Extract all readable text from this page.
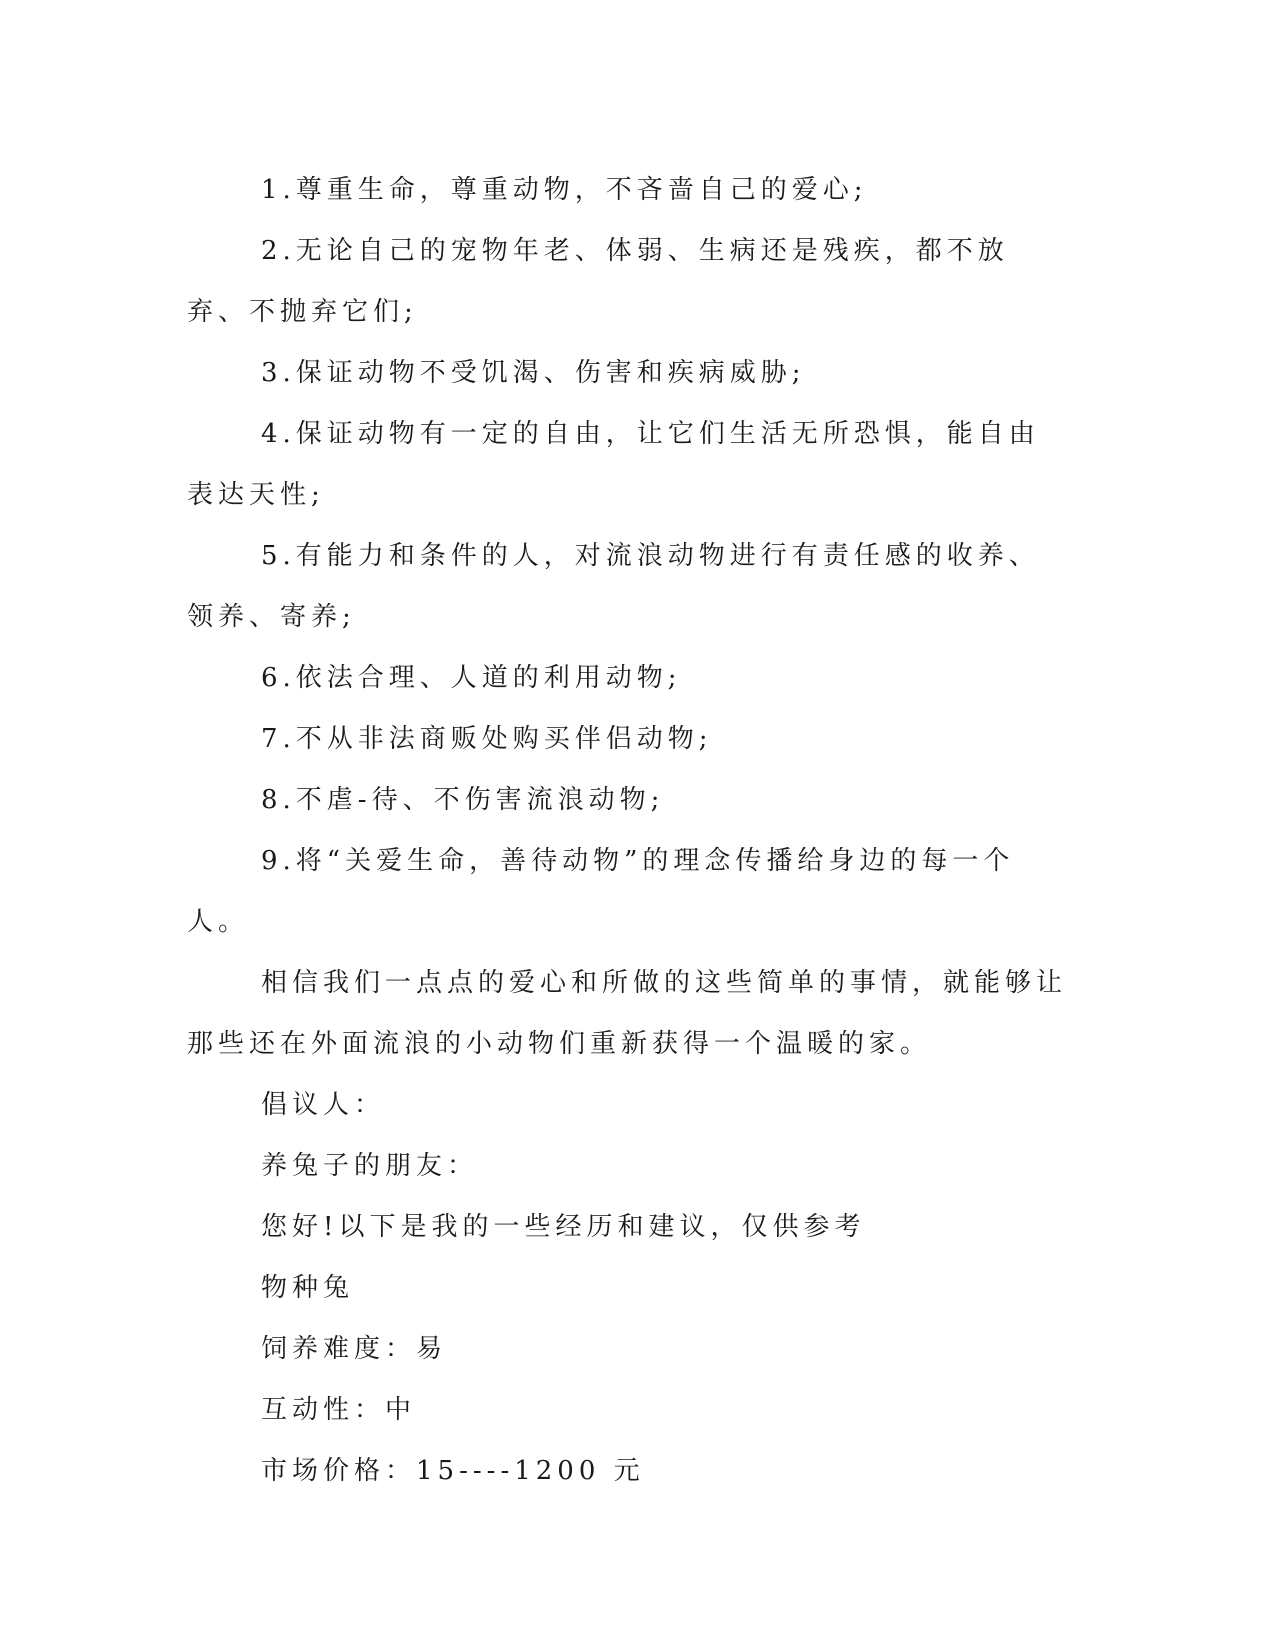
1.尊重生命，尊重动物，不吝啬自己的爱心;

2.无论自己的宠物年老、体弱、生病还是残疾，都不放弃、不抛弃它们;

3.保证动物不受饥渴、伤害和疾病威胁;

4.保证动物有一定的自由，让它们生活无所恐惧，能自由表达天性;

5.有能力和条件的人，对流浪动物进行有责任感的收养、领养、寄养;

6.依法合理、人道的利用动物;

7.不从非法商贩处购买伴侣动物;

8.不虐-待、不伤害流浪动物;

9.将“关爱生命，善待动物”的理念传播给身边的每一个人。

相信我们一点点的爱心和所做的这些简单的事情，就能够让那些还在外面流浪的小动物们重新获得一个温暖的家。

倡议人：

养兔子的朋友：

您好!以下是我的一些经历和建议，仅供参考

物种兔

饲养难度：易

互动性：中

市场价格：15----1200 元
